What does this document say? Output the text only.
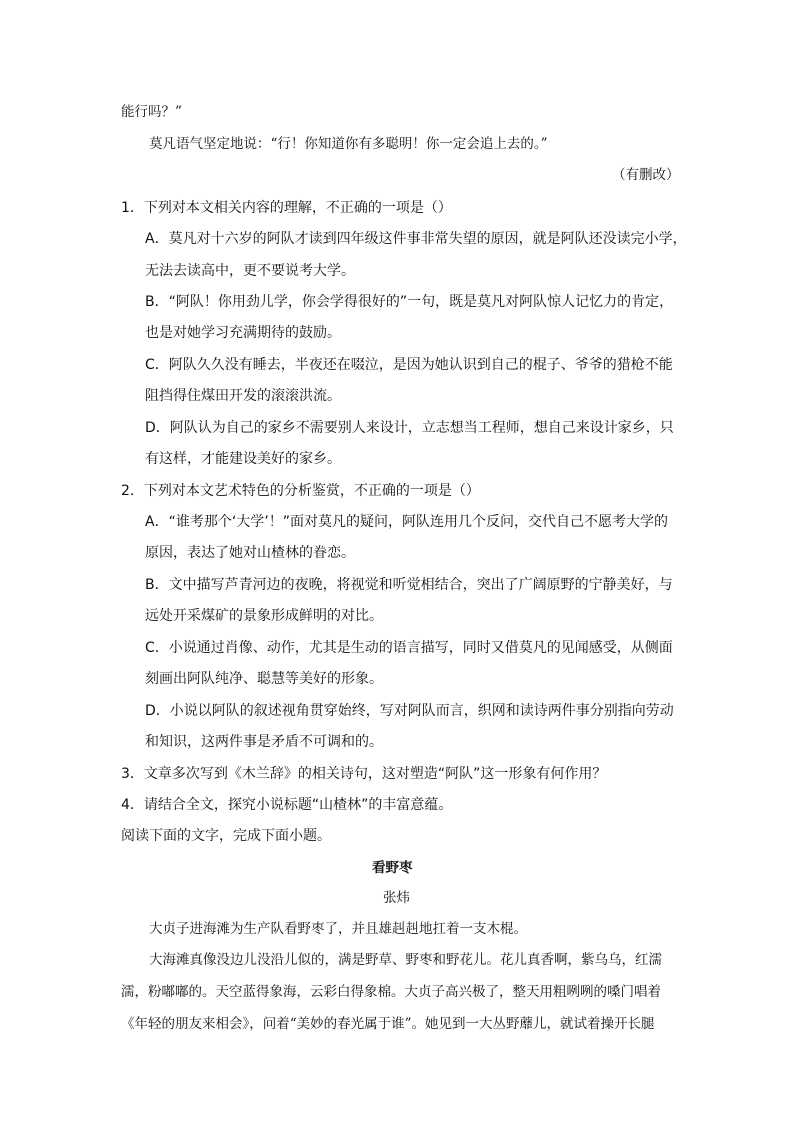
能行吗？”
莫凡语气坚定地说：“行！你知道你有多聪明！你一定会追上去的。”
（有删改）
1．下列对本文相关内容的理解，不正确的一项是（）
A．莫凡对十六岁的阿队才读到四年级这件事非常失望的原因，就是阿队还没读完小学，
无法去读高中，更不要说考大学。
B．“阿队！你用劲儿学，你会学得很好的”一句，既是莫凡对阿队惊人记忆力的肯定，
也是对她学习充满期待的鼓励。
C．阿队久久没有睡去，半夜还在啜泣，是因为她认识到自己的棍子、爷爷的猎枪不能
阻挡得住煤田开发的滚滚洪流。
D．阿队认为自己的家乡不需要别人来设计，立志想当工程师，想自己来设计家乡，只
有这样，才能建设美好的家乡。
2．下列对本文艺术特色的分析鉴赏，不正确的一项是（）
A．“谁考那个‘大学’！”面对莫凡的疑问，阿队连用几个反问，交代自己不愿考大学的
原因，表达了她对山楂林的眷恋。
B．文中描写芦青河边的夜晚，将视觉和听觉相结合，突出了广阔原野的宁静美好，与
远处开采煤矿的景象形成鲜明的对比。
C．小说通过肖像、动作，尤其是生动的语言描写，同时又借莫凡的见闻感受，从侧面
刻画出阿队纯净、聪慧等美好的形象。
D．小说以阿队的叙述视角贯穿始终，写对阿队而言，织网和读诗两件事分别指向劳动
和知识，这两件事是矛盾不可调和的。
3．文章多次写到《木兰辞》的相关诗句，这对塑造“阿队”这一形象有何作用？
4．请结合全文，探究小说标题“山楂林”的丰富意蕴。
阅读下面的文字，完成下面小题。
看野枣
张炜
大贞子进海滩为生产队看野枣了，并且雄赳赳地扛着一支木棍。
大海滩真像没边儿没沿儿似的，满是野草、野枣和野花儿。花儿真香啊，紫乌乌，红濡
濡，粉嘟嘟的。天空蓝得象海，云彩白得象棉。大贞子高兴极了，整天用粗咧咧的嗓门唱着
《年轻的朋友来相会》，问着“美妙的春光属于谁”。她见到一大丛野蘼儿，就试着操开长腿
